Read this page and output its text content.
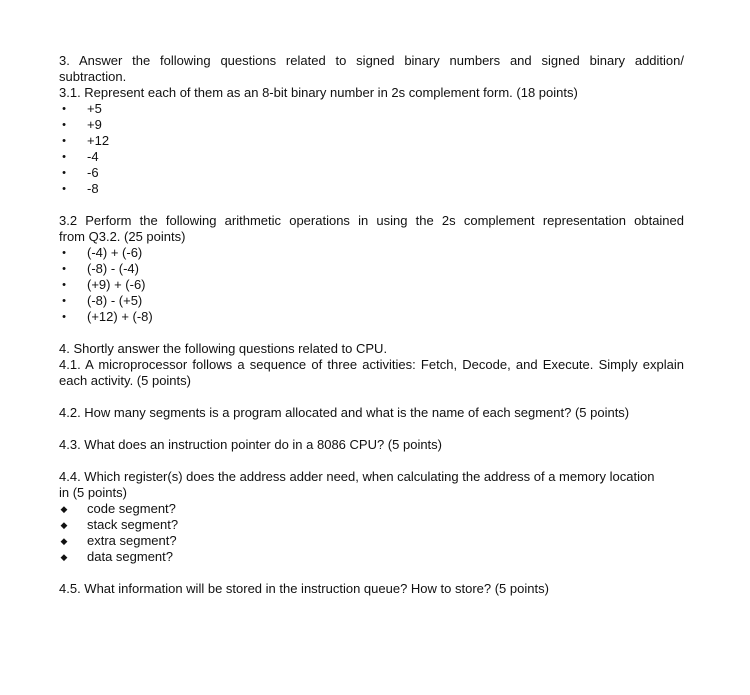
3. Answer the following questions related to signed binary numbers and signed binary addition/

subtraction.

3.1. Represent each of them as an 8-bit binary number in 2s complement form. (18 points)

• +5
• +9
• +12
• -4
• -6
• -8

3.2 Perform the following arithmetic operations in using the 2s complement representation obtained

from Q3.2. (25 points)

• (-4) + (-6)
• (-8) - (-4)
• (+9) + (-6)
• (-8) - (+5)
• (+12) + (-8)

4. Shortly answer the following questions related to CPU.

4.1. A microprocessor follows a sequence of three activities: Fetch, Decode, and Execute. Simply explain

each activity. (5 points)

4.2. How many segments is a program allocated and what is the name of each segment? (5 points)

4.3. What does an instruction pointer do in a 8086 CPU? (5 points)

4.4. Which register(s) does the address adder need, when calculating the address of a memory location

in (5 points)

◆ code segment?
◆ stack segment?
◆ extra segment?
◆ data segment?

4.5. What information will be stored in the instruction queue? How to store? (5 points)
